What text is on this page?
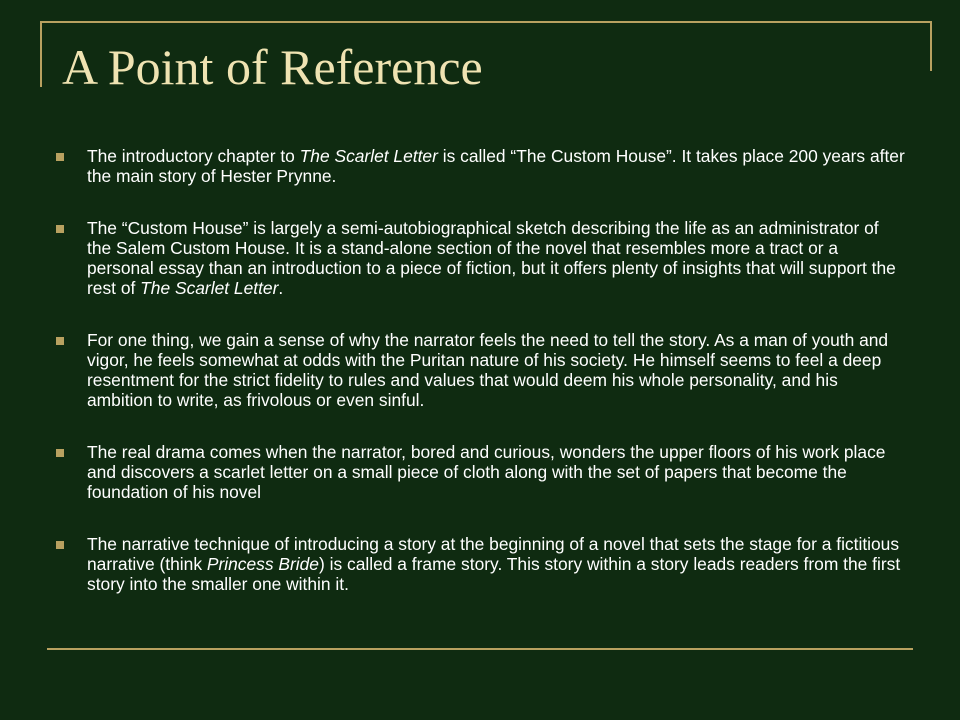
A Point of Reference
The introductory chapter to The Scarlet Letter is called “The Custom House”. It takes place 200 years after the main story of Hester Prynne.
The “Custom House” is largely a semi-autobiographical sketch describing the life as an administrator of the Salem Custom House. It is a stand-alone section of the novel that resembles more a tract or a personal essay than an introduction to a piece of fiction, but it offers plenty of insights that will support the rest of The Scarlet Letter.
For one thing, we gain a sense of why the narrator feels the need to tell the story. As a man of youth and vigor, he feels somewhat at odds with the Puritan nature of his society. He himself seems to feel a deep resentment for the strict fidelity to rules and values that would deem his whole personality, and his ambition to write, as frivolous or even sinful.
The real drama comes when the narrator, bored and curious, wonders the upper floors of his work place and discovers a scarlet letter on a small piece of cloth along with the set of papers that become the foundation of his novel
The narrative technique of introducing a story at the beginning of a novel that sets the stage for a fictitious narrative (think Princess Bride) is called a frame story. This story within a story leads readers from the first story into the smaller one within it.
